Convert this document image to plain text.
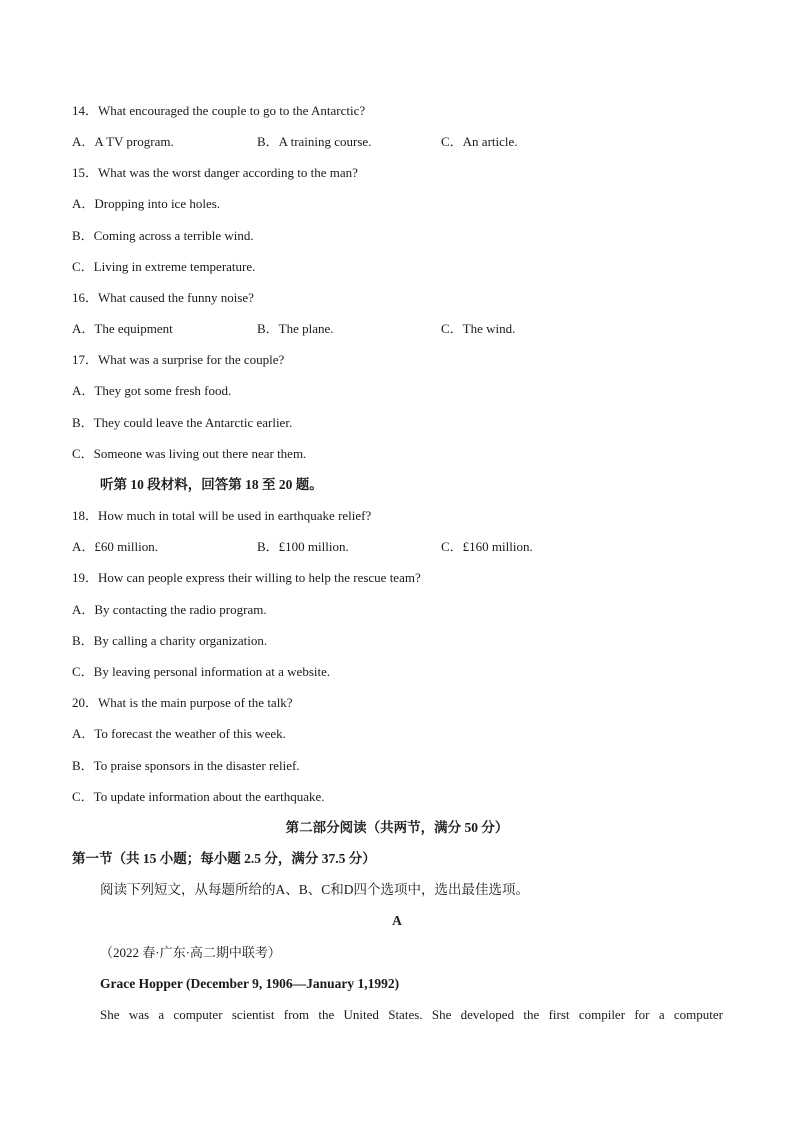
14．What encouraged the couple to go to the Antarctic?
A．A TV program.	B．A training course.	C．An article.
15．What was the worst danger according to the man?
A．Dropping into ice holes.
B．Coming across a terrible wind.
C．Living in extreme temperature.
16．What caused the funny noise?
A．The equipment	B．The plane.	C．The wind.
17．What was a surprise for the couple?
A．They got some fresh food.
B．They could leave the Antarctic earlier.
C．Someone was living out there near them.
听第 10 段材料，回答第 18 至 20 题。
18．How much in total will be used in earthquake relief?
A．£60 million.	B．£100 million.	C．£160 million.
19．How can people express their willing to help the rescue team?
A．By contacting the radio program.
B．By calling a charity organization.
C．By leaving personal information at a website.
20．What is the main purpose of the talk?
A．To forecast the weather of this week.
B．To praise sponsors in the disaster relief.
C．To update information about the earthquake.
第二部分阅读（共两节，满分 50 分）
第一节（共 15 小题；每小题 2.5 分，满分 37.5 分）
阅读下列短文，从每题所给的A、B、C和D四个选项中，选出最佳选项。
A
（2022 春·广东·高二期中联考）
Grace Hopper (December 9, 1906—January 1,1992)
She was a computer scientist from the United States. She developed the first compiler for a computer
